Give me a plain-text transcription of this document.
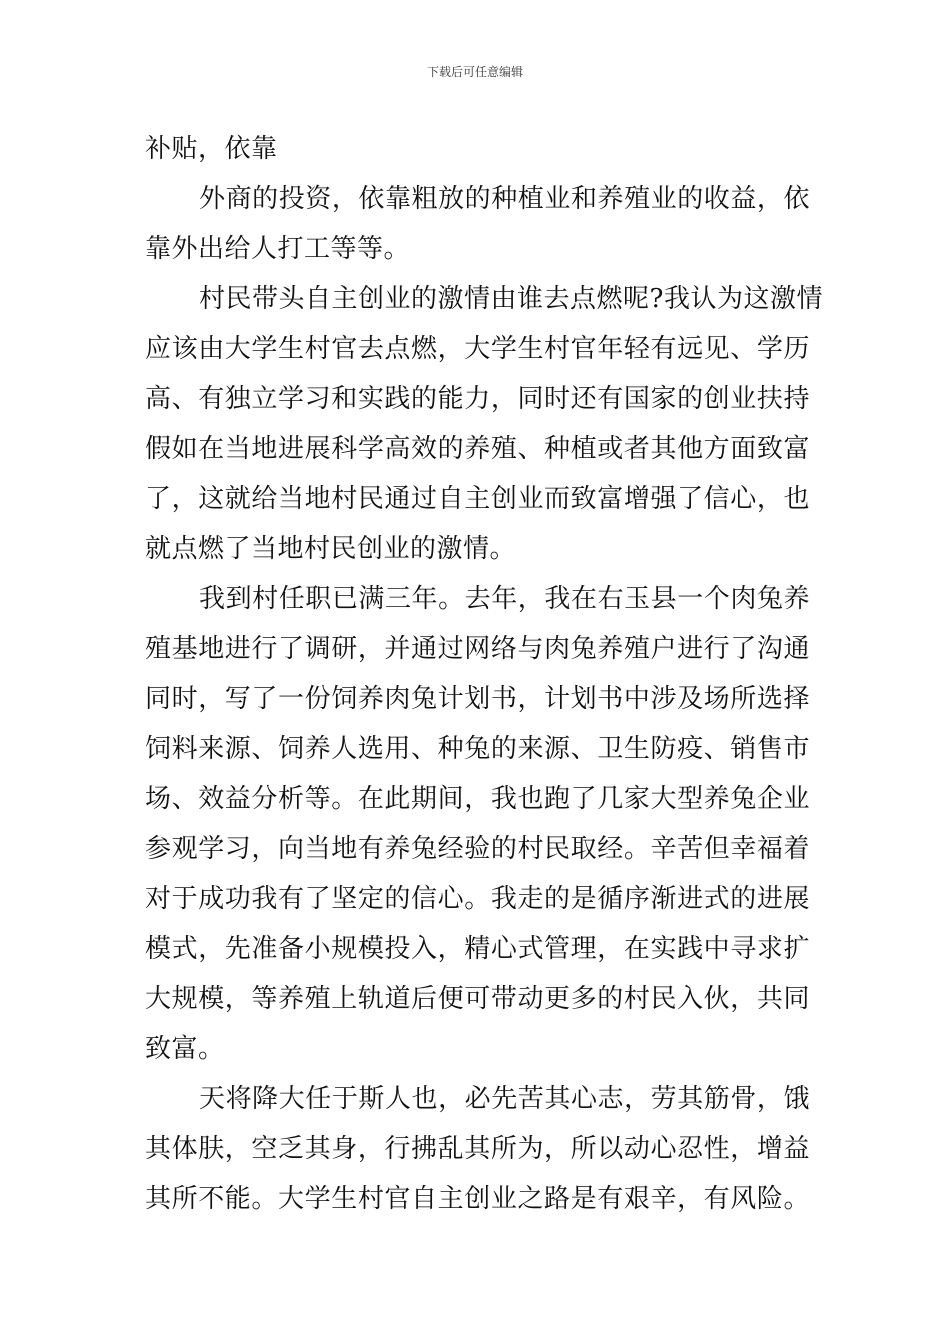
下载后可任意编辑
补贴，依靠
外商的投资，依靠粗放的种植业和养殖业的收益，依
靠外出给人打工等等。
村民带头自主创业的激情由谁去点燃呢?我认为这激情
应该由大学生村官去点燃，大学生村官年轻有远见、学历
高、有独立学习和实践的能力，同时还有国家的创业扶持
假如在当地进展科学高效的养殖、种植或者其他方面致富
了，这就给当地村民通过自主创业而致富增强了信心，也
就点燃了当地村民创业的激情。
我到村任职已满三年。去年，我在右玉县一个肉兔养
殖基地进行了调研，并通过网络与肉兔养殖户进行了沟通
同时，写了一份饲养肉兔计划书，计划书中涉及场所选择
饲料来源、饲养人选用、种兔的来源、卫生防疫、销售市
场、效益分析等。在此期间，我也跑了几家大型养兔企业
参观学习，向当地有养兔经验的村民取经。辛苦但幸福着
对于成功我有了坚定的信心。我走的是循序渐进式的进展
模式，先准备小规模投入，精心式管理，在实践中寻求扩
大规模，等养殖上轨道后便可带动更多的村民入伙，共同
致富。
天将降大任于斯人也，必先苦其心志，劳其筋骨，饿
其体肤，空乏其身，行拂乱其所为，所以动心忍性，增益
其所不能。大学生村官自主创业之路是有艰辛，有风险。
